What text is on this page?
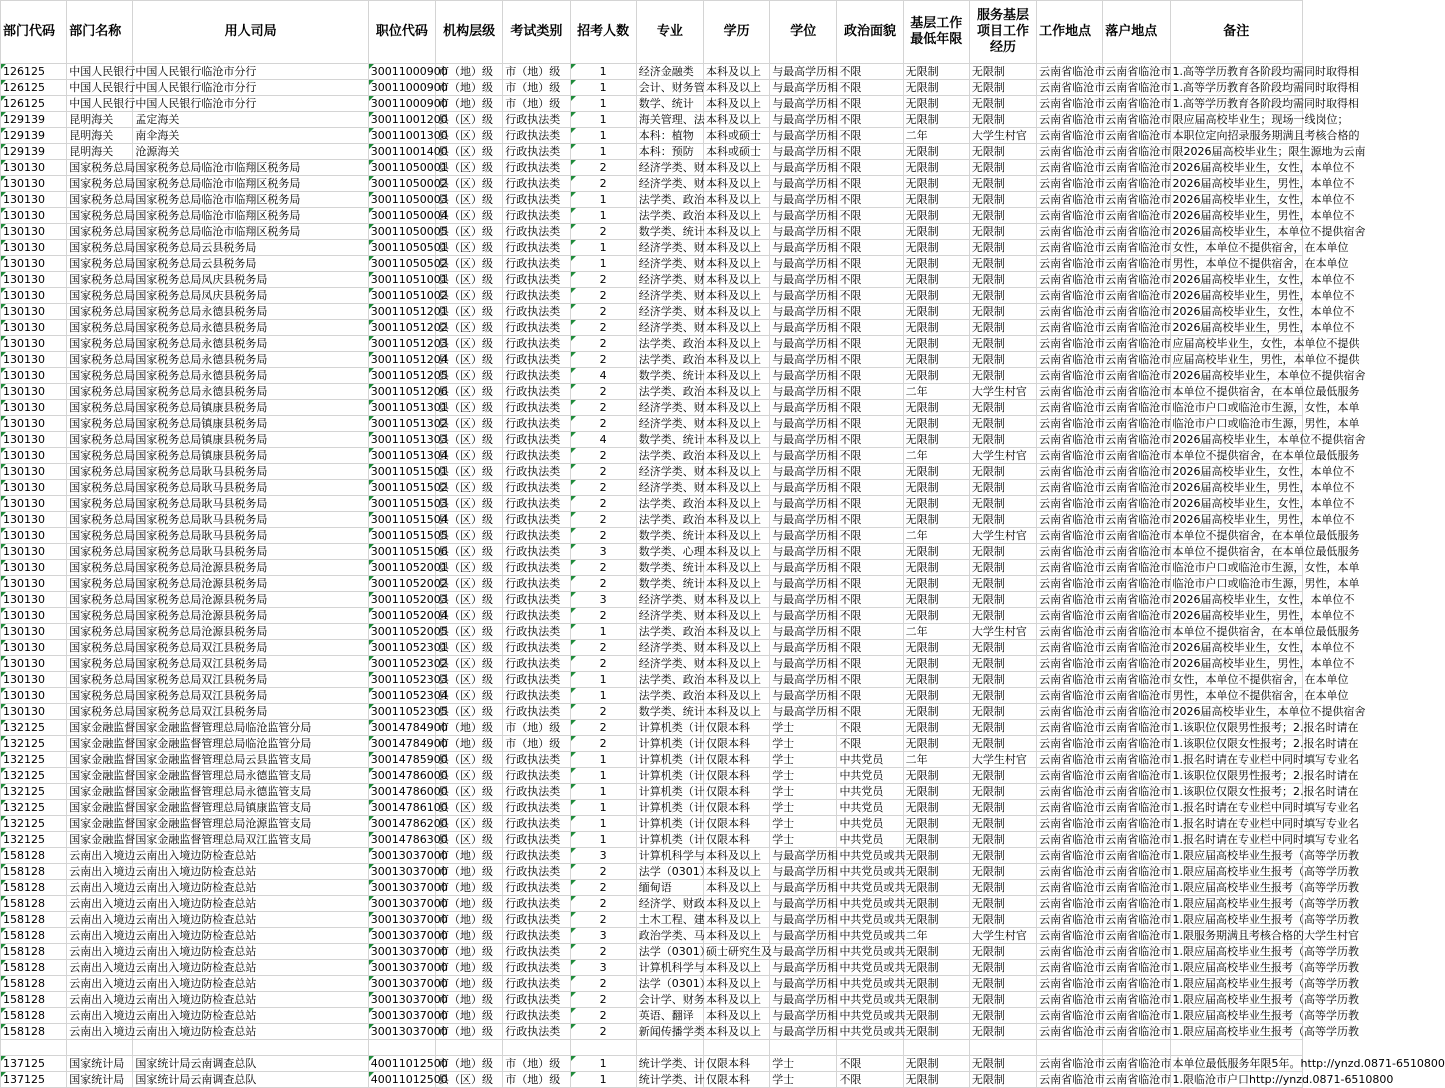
部门代码	部门名称	用人司局	职位代码	机构层级	考试类别	招考人数	专业	学历	学位	政治面貌	基层工作最低年限	服务基层项目工作经历	工作地点	落户地点	备注
126125	中国人民银行	中国人民银行临沧市分行	30011000900	市（地）级	市（地）级	1	经济金融类	本科及以上	与最高学历相	不限	无限制	无限制	云南省临沧市	云南省临沧市	1.高等学历教育各阶段均需同时取得相
126125	中国人民银行	中国人民银行临沧市分行	30011000900	市（地）级	市（地）级	1	会计、财务管	本科及以上	与最高学历相	不限	无限制	无限制	云南省临沧市	云南省临沧市	1.高等学历教育各阶段均需同时取得相
126125	中国人民银行	中国人民银行临沧市分行	30011000900	市（地）级	市（地）级	1	数学、统计	本科及以上	与最高学历相	不限	无限制	无限制	云南省临沧市	云南省临沧市	1.高等学历教育各阶段均需同时取得相
129139	昆明海关	孟定海关	30011001200	县（区）级	行政执法类	1	海关管理、法	本科及以上	与最高学历相	不限	无限制	无限制	云南省临沧市	云南省临沧市	限应届高校毕业生；现场一线岗位；
129139	昆明海关	南伞海关	30011001300	县（区）级	行政执法类	1	本科：植物	本科或硕士	与最高学历相	不限	二年	大学生村官	云南省临沧市	云南省临沧市	本职位定向招录服务期满且考核合格的
129139	昆明海关	沧源海关	30011001400	县（区）级	行政执法类	1	本科：预防	本科或硕士	与最高学历相	不限	无限制	无限制	云南省临沧市	云南省临沧市	限2026届高校毕业生；限生源地为云南
130130	国家税务总局	国家税务总局临沧市临翔区税务局	30011050001	县（区）级	行政执法类	2	经济学类、财	本科及以上	与最高学历相	不限	无限制	无限制	云南省临沧市	云南省临沧市	2026届高校毕业生，女性，本单位不
130130	国家税务总局	国家税务总局临沧市临翔区税务局	30011050002	县（区）级	行政执法类	2	经济学类、财	本科及以上	与最高学历相	不限	无限制	无限制	云南省临沧市	云南省临沧市	2026届高校毕业生，男性，本单位不
130130	国家税务总局	国家税务总局临沧市临翔区税务局	30011050003	县（区）级	行政执法类	1	法学类、政治	本科及以上	与最高学历相	不限	无限制	无限制	云南省临沧市	云南省临沧市	2026届高校毕业生，女性，本单位不
130130	国家税务总局	国家税务总局临沧市临翔区税务局	30011050004	县（区）级	行政执法类	1	法学类、政治	本科及以上	与最高学历相	不限	无限制	无限制	云南省临沧市	云南省临沧市	2026届高校毕业生，男性，本单位不
130130	国家税务总局	国家税务总局临沧市临翔区税务局	30011050005	县（区）级	行政执法类	2	数学类、统计	本科及以上	与最高学历相	不限	无限制	无限制	云南省临沧市	云南省临沧市	2026届高校毕业生，本单位不提供宿舍
130130	国家税务总局	国家税务总局云县税务局	30011050501	县（区）级	行政执法类	1	经济学类、财	本科及以上	与最高学历相	不限	无限制	无限制	云南省临沧市	云南省临沧市	女性，本单位不提供宿舍，在本单位
130130	国家税务总局	国家税务总局云县税务局	30011050502	县（区）级	行政执法类	1	经济学类、财	本科及以上	与最高学历相	不限	无限制	无限制	云南省临沧市	云南省临沧市	男性，本单位不提供宿舍，在本单位
130130	国家税务总局	国家税务总局凤庆县税务局	30011051001	县（区）级	行政执法类	2	经济学类、财	本科及以上	与最高学历相	不限	无限制	无限制	云南省临沧市	云南省临沧市	2026届高校毕业生，女性，本单位不
130130	国家税务总局	国家税务总局凤庆县税务局	30011051002	县（区）级	行政执法类	2	经济学类、财	本科及以上	与最高学历相	不限	无限制	无限制	云南省临沧市	云南省临沧市	2026届高校毕业生，男性，本单位不
130130	国家税务总局	国家税务总局永德县税务局	30011051201	县（区）级	行政执法类	2	经济学类、财	本科及以上	与最高学历相	不限	无限制	无限制	云南省临沧市	云南省临沧市	2026届高校毕业生，女性，本单位不
130130	国家税务总局	国家税务总局永德县税务局	30011051202	县（区）级	行政执法类	2	经济学类、财	本科及以上	与最高学历相	不限	无限制	无限制	云南省临沧市	云南省临沧市	2026届高校毕业生，男性，本单位不
130130	国家税务总局	国家税务总局永德县税务局	30011051203	县（区）级	行政执法类	2	法学类、政治	本科及以上	与最高学历相	不限	无限制	无限制	云南省临沧市	云南省临沧市	应届高校毕业生，女性，本单位不提供
130130	国家税务总局	国家税务总局永德县税务局	30011051204	县（区）级	行政执法类	2	法学类、政治	本科及以上	与最高学历相	不限	无限制	无限制	云南省临沧市	云南省临沧市	应届高校毕业生，男性，本单位不提供
130130	国家税务总局	国家税务总局永德县税务局	30011051205	县（区）级	行政执法类	4	数学类、统计	本科及以上	与最高学历相	不限	无限制	无限制	云南省临沧市	云南省临沧市	2026届高校毕业生，本单位不提供宿舍
130130	国家税务总局	国家税务总局永德县税务局	30011051206	县（区）级	行政执法类	2	法学类、政治	本科及以上	与最高学历相	不限	二年	大学生村官	云南省临沧市	云南省临沧市	本单位不提供宿舍，在本单位最低服务
130130	国家税务总局	国家税务总局镇康县税务局	30011051301	县（区）级	行政执法类	2	经济学类、财	本科及以上	与最高学历相	不限	无限制	无限制	云南省临沧市	云南省临沧市	临沧市户口或临沧市生源，女性，本单
130130	国家税务总局	国家税务总局镇康县税务局	30011051302	县（区）级	行政执法类	2	经济学类、财	本科及以上	与最高学历相	不限	无限制	无限制	云南省临沧市	云南省临沧市	临沧市户口或临沧市生源，男性，本单
130130	国家税务总局	国家税务总局镇康县税务局	30011051303	县（区）级	行政执法类	4	数学类、统计	本科及以上	与最高学历相	不限	无限制	无限制	云南省临沧市	云南省临沧市	2026届高校毕业生，本单位不提供宿舍
130130	国家税务总局	国家税务总局镇康县税务局	30011051304	县（区）级	行政执法类	2	法学类、政治	本科及以上	与最高学历相	不限	二年	大学生村官	云南省临沧市	云南省临沧市	本单位不提供宿舍，在本单位最低服务
130130	国家税务总局	国家税务总局耿马县税务局	30011051501	县（区）级	行政执法类	2	经济学类、财	本科及以上	与最高学历相	不限	无限制	无限制	云南省临沧市	云南省临沧市	2026届高校毕业生，女性，本单位不
130130	国家税务总局	国家税务总局耿马县税务局	30011051502	县（区）级	行政执法类	2	经济学类、财	本科及以上	与最高学历相	不限	无限制	无限制	云南省临沧市	云南省临沧市	2026届高校毕业生，男性，本单位不
130130	国家税务总局	国家税务总局耿马县税务局	30011051503	县（区）级	行政执法类	2	法学类、政治	本科及以上	与最高学历相	不限	无限制	无限制	云南省临沧市	云南省临沧市	2026届高校毕业生，女性，本单位不
130130	国家税务总局	国家税务总局耿马县税务局	30011051504	县（区）级	行政执法类	2	法学类、政治	本科及以上	与最高学历相	不限	无限制	无限制	云南省临沧市	云南省临沧市	2026届高校毕业生，男性，本单位不
130130	国家税务总局	国家税务总局耿马县税务局	30011051505	县（区）级	行政执法类	2	数学类、统计	本科及以上	与最高学历相	不限	二年	大学生村官	云南省临沧市	云南省临沧市	本单位不提供宿舍，在本单位最低服务
130130	国家税务总局	国家税务总局耿马县税务局	30011051506	县（区）级	行政执法类	3	数学类、心理	本科及以上	与最高学历相	不限	无限制	无限制	云南省临沧市	云南省临沧市	本单位不提供宿舍，在本单位最低服务
130130	国家税务总局	国家税务总局沧源县税务局	30011052001	县（区）级	行政执法类	2	数学类、统计	本科及以上	与最高学历相	不限	无限制	无限制	云南省临沧市	云南省临沧市	临沧市户口或临沧市生源，女性，本单
130130	国家税务总局	国家税务总局沧源县税务局	30011052002	县（区）级	行政执法类	2	数学类、统计	本科及以上	与最高学历相	不限	无限制	无限制	云南省临沧市	云南省临沧市	临沧市户口或临沧市生源，男性，本单
130130	国家税务总局	国家税务总局沧源县税务局	30011052003	县（区）级	行政执法类	3	经济学类、财	本科及以上	与最高学历相	不限	无限制	无限制	云南省临沧市	云南省临沧市	2026届高校毕业生，女性，本单位不
130130	国家税务总局	国家税务总局沧源县税务局	30011052004	县（区）级	行政执法类	2	经济学类、财	本科及以上	与最高学历相	不限	无限制	无限制	云南省临沧市	云南省临沧市	2026届高校毕业生，男性，本单位不
130130	国家税务总局	国家税务总局沧源县税务局	30011052005	县（区）级	行政执法类	1	法学类、政治	本科及以上	与最高学历相	不限	二年	大学生村官	云南省临沧市	云南省临沧市	本单位不提供宿舍，在本单位最低服务
130130	国家税务总局	国家税务总局双江县税务局	30011052301	县（区）级	行政执法类	2	经济学类、财	本科及以上	与最高学历相	不限	无限制	无限制	云南省临沧市	云南省临沧市	2026届高校毕业生，女性，本单位不
130130	国家税务总局	国家税务总局双江县税务局	30011052302	县（区）级	行政执法类	2	经济学类、财	本科及以上	与最高学历相	不限	无限制	无限制	云南省临沧市	云南省临沧市	2026届高校毕业生，男性，本单位不
130130	国家税务总局	国家税务总局双江县税务局	30011052303	县（区）级	行政执法类	1	法学类、政治	本科及以上	与最高学历相	不限	无限制	无限制	云南省临沧市	云南省临沧市	女性，本单位不提供宿舍，在本单位
130130	国家税务总局	国家税务总局双江县税务局	30011052304	县（区）级	行政执法类	1	法学类、政治	本科及以上	与最高学历相	不限	无限制	无限制	云南省临沧市	云南省临沧市	男性，本单位不提供宿舍，在本单位
130130	国家税务总局	国家税务总局双江县税务局	30011052305	县（区）级	行政执法类	2	数学类、统计	本科及以上	与最高学历相	不限	无限制	无限制	云南省临沧市	云南省临沧市	2026届高校毕业生，本单位不提供宿舍
132125	国家金融监督	国家金融监督管理总局临沧监管分局	30014784900	市（地）级	市（地）级	2	计算机类（计	仅限本科	学士	不限	无限制	无限制	云南省临沧市	云南省临沧市	1.该职位仅限男性报考；2.报名时请在
132125	国家金融监督	国家金融监督管理总局临沧监管分局	30014784900	市（地）级	市（地）级	2	计算机类（计	仅限本科	学士	不限	无限制	无限制	云南省临沧市	云南省临沧市	1.该职位仅限女性报考；2.报名时请在
132125	国家金融监督	国家金融监督管理总局云县监管支局	30014785900	县（区）级	行政执法类	1	计算机类（计	仅限本科	学士	中共党员	二年	大学生村官	云南省临沧市	云南省临沧市	1.报名时请在专业栏中同时填写专业名
132125	国家金融监督	国家金融监督管理总局永德监管支局	30014786000	县（区）级	行政执法类	1	计算机类（计	仅限本科	学士	中共党员	无限制	无限制	云南省临沧市	云南省临沧市	1.该职位仅限男性报考；2.报名时请在
132125	国家金融监督	国家金融监督管理总局永德监管支局	30014786000	县（区）级	行政执法类	1	计算机类（计	仅限本科	学士	中共党员	无限制	无限制	云南省临沧市	云南省临沧市	1.该职位仅限女性报考；2.报名时请在
132125	国家金融监督	国家金融监督管理总局镇康监管支局	30014786100	县（区）级	行政执法类	1	计算机类（计	仅限本科	学士	中共党员	无限制	无限制	云南省临沧市	云南省临沧市	1.报名时请在专业栏中同时填写专业名
132125	国家金融监督	国家金融监督管理总局沧源监管支局	30014786200	县（区）级	行政执法类	1	计算机类（计	仅限本科	学士	中共党员	无限制	无限制	云南省临沧市	云南省临沧市	1.报名时请在专业栏中同时填写专业名
132125	国家金融监督	国家金融监督管理总局双江监管支局	30014786300	县（区）级	行政执法类	1	计算机类（计	仅限本科	学士	中共党员	无限制	无限制	云南省临沧市	云南省临沧市	1.报名时请在专业栏中同时填写专业名
158128	云南出入境边	云南出入境边防检查总站	30013037000	市（地）级	行政执法类	3	计算机科学与	本科及以上	与最高学历相	中共党员或共	无限制	无限制	云南省临沧市	云南省临沧市	1.限应届高校毕业生报考（高等学历教
158128	云南出入境边	云南出入境边防检查总站	30013037000	市（地）级	行政执法类	2	法学（0301）	本科及以上	与最高学历相	中共党员或共	无限制	无限制	云南省临沧市	云南省临沧市	1.限应届高校毕业生报考（高等学历教
158128	云南出入境边	云南出入境边防检查总站	30013037000	市（地）级	行政执法类	2	缅甸语	本科及以上	与最高学历相	中共党员或共	无限制	无限制	云南省临沧市	云南省临沧市	1.限应届高校毕业生报考（高等学历教
158128	云南出入境边	云南出入境边防检查总站	30013037000	市（地）级	行政执法类	2	经济学、财政	本科及以上	与最高学历相	中共党员或共	无限制	无限制	云南省临沧市	云南省临沧市	1.限应届高校毕业生报考（高等学历教
158128	云南出入境边	云南出入境边防检查总站	30013037000	市（地）级	行政执法类	2	土木工程、建	本科及以上	与最高学历相	中共党员或共	无限制	无限制	云南省临沧市	云南省临沧市	1.限应届高校毕业生报考（高等学历教
158128	云南出入境边	云南出入境边防检查总站	30013037000	市（地）级	行政执法类	3	政治学类、马	本科及以上	与最高学历相	中共党员或共	二年	大学生村官	云南省临沧市	云南省临沧市	1.限服务期满且考核合格的大学生村官
158128	云南出入境边	云南出入境边防检查总站	30013037000	市（地）级	行政执法类	2	法学（0301）	硕士研究生及	与最高学历相	中共党员或共	无限制	无限制	云南省临沧市	云南省临沧市	1.限应届高校毕业生报考（高等学历教
158128	云南出入境边	云南出入境边防检查总站	30013037000	市（地）级	行政执法类	3	计算机科学与	本科及以上	与最高学历相	中共党员或共	无限制	无限制	云南省临沧市	云南省临沧市	1.限应届高校毕业生报考（高等学历教
158128	云南出入境边	云南出入境边防检查总站	30013037000	市（地）级	行政执法类	2	法学（0301）	本科及以上	与最高学历相	中共党员或共	无限制	无限制	云南省临沧市	云南省临沧市	1.限应届高校毕业生报考（高等学历教
158128	云南出入境边	云南出入境边防检查总站	30013037000	市（地）级	行政执法类	2	会计学、财务	本科及以上	与最高学历相	中共党员或共	无限制	无限制	云南省临沧市	云南省临沧市	1.限应届高校毕业生报考（高等学历教
158128	云南出入境边	云南出入境边防检查总站	30013037000	市（地）级	行政执法类	2	英语、翻译	本科及以上	与最高学历相	中共党员或共	无限制	无限制	云南省临沧市	云南省临沧市	1.限应届高校毕业生报考（高等学历教
158128	云南出入境边	云南出入境边防检查总站	30013037000	市（地）级	行政执法类	2	新闻传播学类	本科及以上	与最高学历相	中共党员或共	无限制	无限制	云南省临沧市	云南省临沧市	1.限应届高校毕业生报考（高等学历教

137125	国家统计局	国家统计局云南调查总队	40011012500	市（地）级	市（地）级	1	统计学类、计	仅限本科	学士	不限	无限制	无限制	云南省临沧市	云南省临沧市	本单位最低服务年限5年。http://ynzd.0871-6510800
137125	国家统计局	国家统计局云南调查总队	40011012500	县（区）级	市（地）级	1	统计学类、计	仅限本科	学士	不限	无限制	无限制	云南省临沧市	云南省临沧市	1.限临沧市户口http://ynzd.0871-6510800
